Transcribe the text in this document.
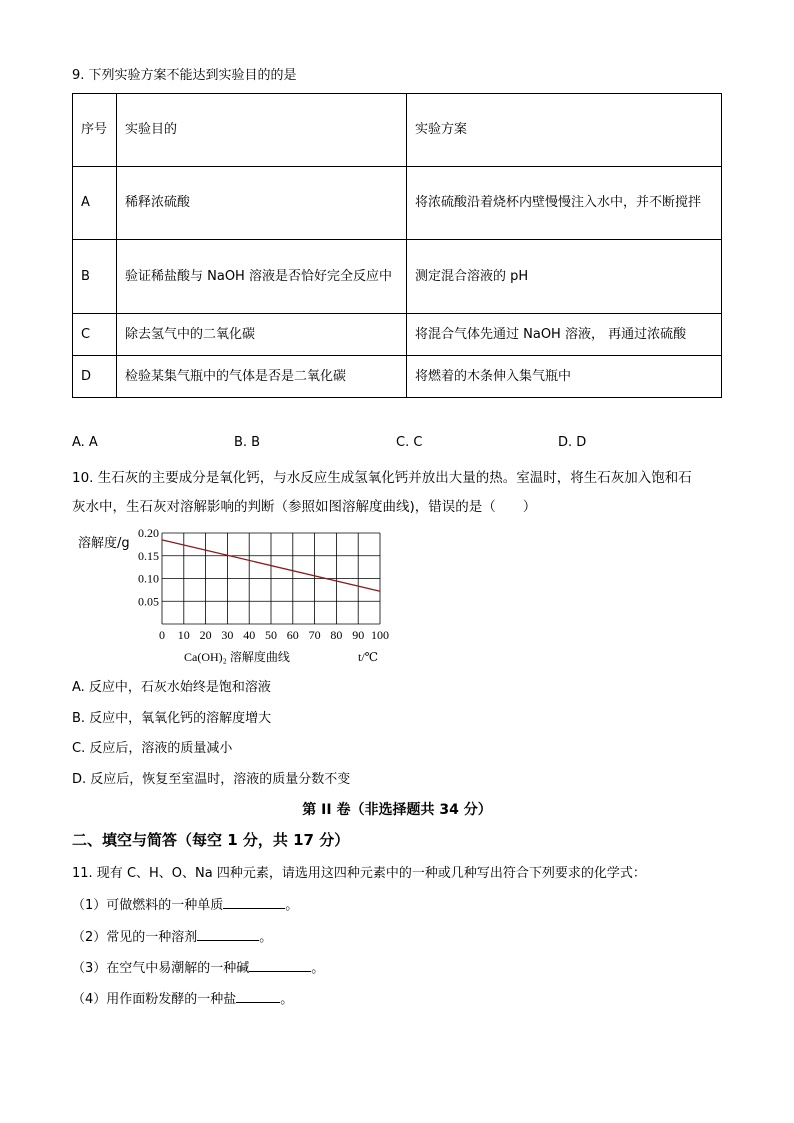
9. 下列实验方案不能达到实验目的的是
序号	实验目的	实验方案
A	稀释浓硫酸	将浓硫酸沿着烧杯内壁慢慢注入水中，并不断搅拌
B	验证稀盐酸与 NaOH 溶液是否恰好完全反应中	测定混合溶液的 pH
C	除去氢气中的二氧化碳	将混合气体先通过 NaOH 溶液， 再通过浓硫酸
D	检验某集气瓶中的气体是否是二氧化碳	将燃着的木条伸入集气瓶中
A. A	B. B	C. C	D. D
10. 生石灰的主要成分是氧化钙，与水反应生成氢氧化钙并放出大量的热。室温时，将生石灰加入饱和石
灰水中，生石灰对溶解影响的判断（参照如图溶解度曲线)，错误的是（　　）
溶解度/g
0.05
0.10
0.15
0.20
0 10 20 30 40 50 60 70 80 90 100
Ca(OH)₂ 溶解度曲线	t/℃
A. 反应中，石灰水始终是饱和溶液
B. 反应中，氧氧化钙的溶解度增大
C. 反应后，溶液的质量减小
D. 反应后，恢复至室温时，溶液的质量分数不变
第 II 卷（非选择题共 34 分）
二、填空与简答（每空 1 分，共 17 分）
11. 现有 C、H、O、Na 四种元素，请选用这四种元素中的一种或几种写出符合下列要求的化学式：
（1）可做燃料的一种单质	。
（2）常见的一种溶剂	。
（3）在空气中易潮解的一种碱	。
（4）用作面粉发酵的一种盐	。
